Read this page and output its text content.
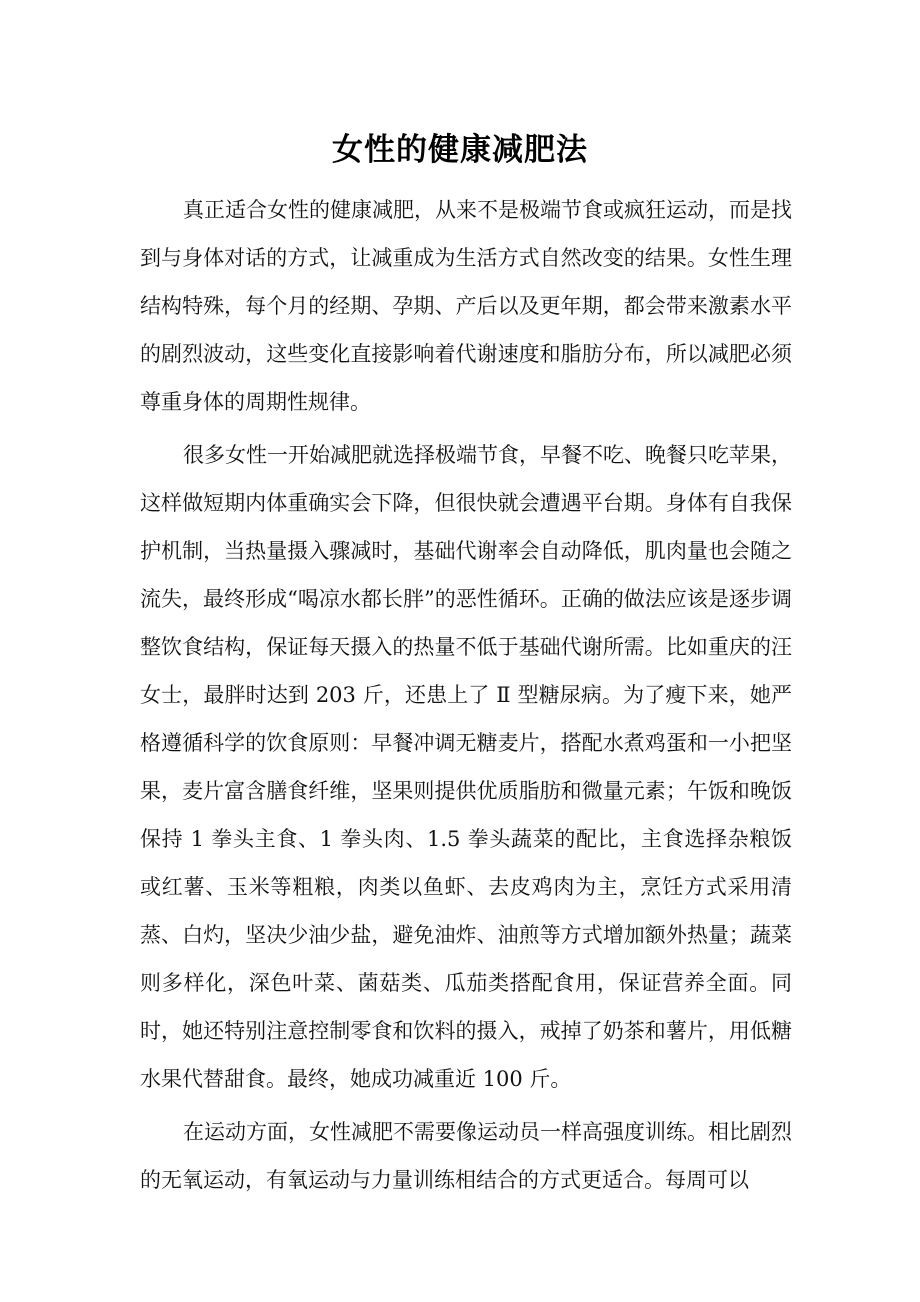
女性的健康减肥法

真正适合女性的健康减肥，从来不是极端节食或疯狂运动，而是找到与身体对话的方式，让减重成为生活方式自然改变的结果。女性生理结构特殊，每个月的经期、孕期、产后以及更年期，都会带来激素水平的剧烈波动，这些变化直接影响着代谢速度和脂肪分布，所以减肥必须尊重身体的周期性规律。

很多女性一开始减肥就选择极端节食，早餐不吃、晚餐只吃苹果，这样做短期内体重确实会下降，但很快就会遭遇平台期。身体有自我保护机制，当热量摄入骤减时，基础代谢率会自动降低，肌肉量也会随之流失，最终形成“喝凉水都长胖”的恶性循环。正确的做法应该是逐步调整饮食结构，保证每天摄入的热量不低于基础代谢所需。比如重庆的汪女士，最胖时达到 203 斤，还患上了 Ⅱ 型糖尿病。为了瘦下来，她严格遵循科学的饮食原则：早餐冲调无糖麦片，搭配水煮鸡蛋和一小把坚果，麦片富含膳食纤维，坚果则提供优质脂肪和微量元素；午饭和晚饭保持 1 拳头主食、1 拳头肉、1.5 拳头蔬菜的配比，主食选择杂粮饭或红薯、玉米等粗粮，肉类以鱼虾、去皮鸡肉为主，烹饪方式采用清蒸、白灼，坚决少油少盐，避免油炸、油煎等方式增加额外热量；蔬菜则多样化，深色叶菜、菌菇类、瓜茄类搭配食用，保证营养全面。同时，她还特别注意控制零食和饮料的摄入，戒掉了奶茶和薯片，用低糖水果代替甜食。最终，她成功减重近 100 斤。

在运动方面，女性减肥不需要像运动员一样高强度训练。相比剧烈的无氧运动，有氧运动与力量训练相结合的方式更适合。每周可以
